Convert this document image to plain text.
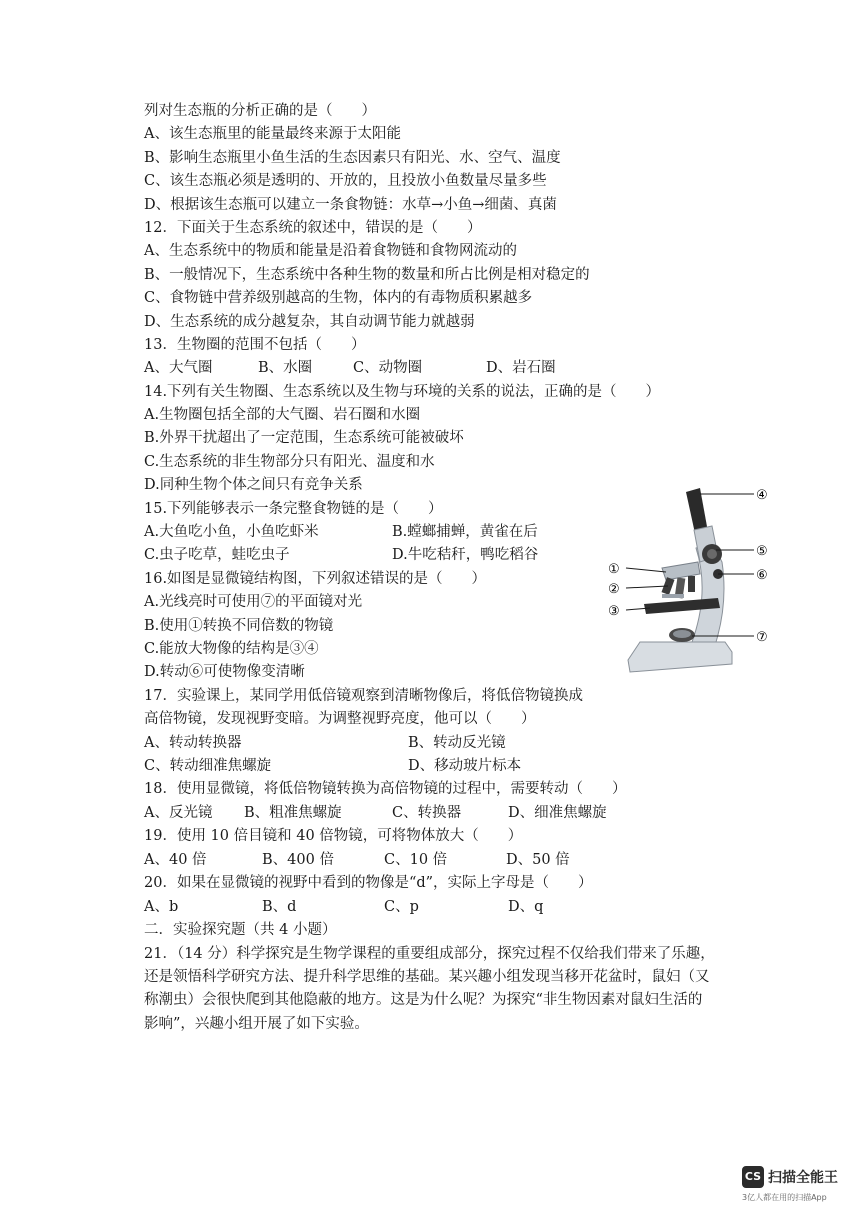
列对生态瓶的分析正确的是（　　）
A、该生态瓶里的能量最终来源于太阳能
B、影响生态瓶里小鱼生活的生态因素只有阳光、水、空气、温度
C、该生态瓶必须是透明的、开放的，且投放小鱼数量尽量多些
D、根据该生态瓶可以建立一条食物链：水草→小鱼→细菌、真菌
12．下面关于生态系统的叙述中，错误的是（　　）
A、生态系统中的物质和能量是沿着食物链和食物网流动的
B、一般情况下，生态系统中各种生物的数量和所占比例是相对稳定的
C、食物链中营养级别越高的生物，体内的有毒物质积累越多
D、生态系统的成分越复杂，其自动调节能力就越弱
13．生物圈的范围不包括（　　）
A、大气圈	B、水圈	C、动物圈	D、岩石圈
14.下列有关生物圈、生态系统以及生物与环境的关系的说法，正确的是（　　）
A.生物圈包括全部的大气圈、岩石圈和水圈
B.外界干扰超出了一定范围，生态系统可能被破坏
C.生态系统的非生物部分只有阳光、温度和水
D.同种生物个体之间只有竞争关系
15.下列能够表示一条完整食物链的是（　　）
A.大鱼吃小鱼，小鱼吃虾米	B.螳螂捕蝉，黄雀在后
C.虫子吃草，蛙吃虫子	D.牛吃秸秆，鸭吃稻谷
16.如图是显微镜结构图，下列叙述错误的是（　　）
A.光线亮时可使用⑦的平面镜对光
B.使用①转换不同倍数的物镜
C.能放大物像的结构是③④
D.转动⑥可使物像变清晰
17．实验课上，某同学用低倍镜观察到清晰物像后，将低倍物镜换成
高倍物镜，发现视野变暗。为调整视野亮度，他可以（　　）
A、转动转换器	B、转动反光镜
C、转动细准焦螺旋	D、移动玻片标本
18．使用显微镜，将低倍物镜转换为高倍物镜的过程中，需要转动（　　）
A、反光镜 B、粗准焦螺旋	C、转换器	D、细准焦螺旋
19．使用 10 倍目镜和 40 倍物镜，可将物体放大（　　）
A、40 倍	B、400 倍	C、10 倍	D、50 倍
20．如果在显微镜的视野中看到的物像是“d”，实际上字母是（　　）
A、b	B、d	C、p	D、q
二．实验探究题（共 4 小题）
21．（14 分）科学探究是生物学课程的重要组成部分，探究过程不仅给我们带来了乐趣，
还是领悟科学研究方法、提升科学思维的基础。某兴趣小组发现当移开花盆时，鼠妇（又
称潮虫）会很快爬到其他隐蔽的地方。这是为什么呢？为探究“非生物因素对鼠妇生活的
影响”，兴趣小组开展了如下实验。
①
②
③
④
⑤
⑥
⑦
CS 扫描全能王
3亿人都在用的扫描App
